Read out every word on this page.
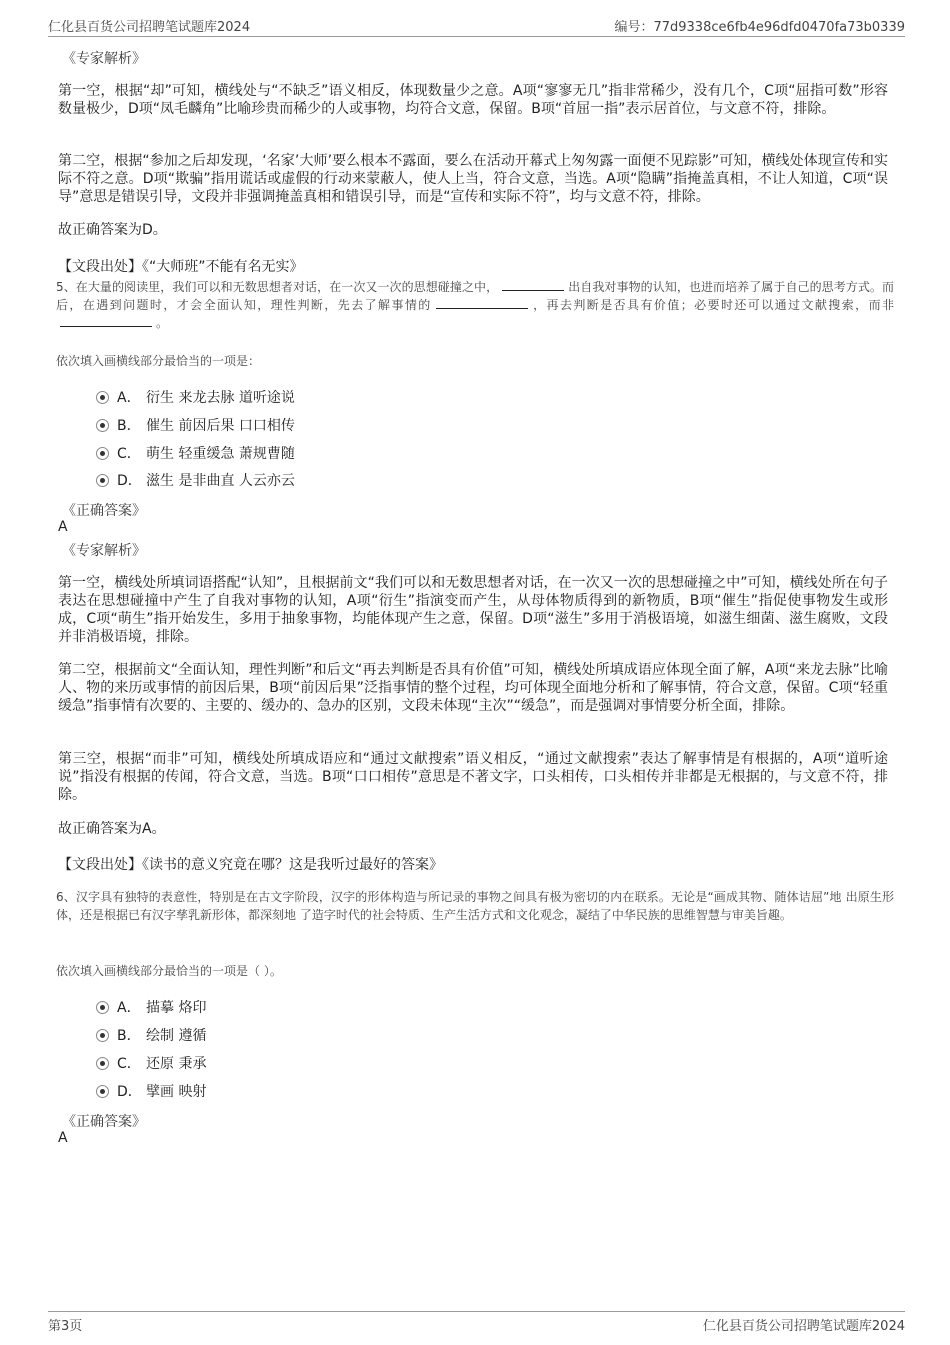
仁化县百货公司招聘笔试题库2024	编号：77d9338ce6fb4e96dfd0470fa73b0339
《专家解析》
第一空，根据“却”可知，横线处与“不缺乏”语义相反，体现数量少之意。A项“寥寥无几”指非常稀少，没有几个，C项“屈指可数”形容数量极少，D项“凤毛麟角”比喻珍贵而稀少的人或事物，均符合文意，保留。B项“首屈一指”表示居首位，与文意不符，排除。
第二空，根据“参加之后却发现，‘名家’大师’要么根本不露面，要么在活动开幕式上匆匆露一面便不见踪影”可知，横线处体现宣传和实际不符之意。D项“欺骗”指用谎话或虚假的行动来蒙蔽人，使人上当，符合文意，当选。A项“隐瞒”指掩盖真相，不让人知道，C项“误导”意思是错误引导，文段并非强调掩盖真相和错误引导，而是“宣传和实际不符”，均与文意不符，排除。
故正确答案为D。
【文段出处】《“大师班”不能有名无实》
5、在大量的阅读里，我们可以和无数思想者对话，在一次又一次的思想碰撞之中，	出自我对事物的认知，也进而培养了属于自己的思考方式。而后，在遇到问题时，才会全面认知，理性判断，先去了解事情的	，再去判断是否具有价值；必要时还可以通过文献搜索，而非。
依次填入画横线部分最恰当的一项是：
A． 衍生 来龙去脉 道听途说
B． 催生 前因后果 口口相传
C． 萌生 轻重缓急 萧规曹随
D． 滋生 是非曲直 人云亦云
《正确答案》
A
《专家解析》
第一空，横线处所填词语搭配“认知”，且根据前文“我们可以和无数思想者对话，在一次又一次的思想碰撞之中”可知，横线处所在句子表达在思想碰撞中产生了自我对事物的认知，A项“衍生”指演变而产生，从母体物质得到的新物质，B项“催生”指促使事物发生或形成，C项“萌生”指开始发生，多用于抽象事物，均能体现产生之意，保留。D项“滋生”多用于消极语境，如滋生细菌、滋生腐败，文段并非消极语境，排除。
第二空，根据前文“全面认知，理性判断”和后文“再去判断是否具有价值”可知，横线处所填成语应体现全面了解，A项“来龙去脉”比喻人、物的来历或事情的前因后果，B项“前因后果”泛指事情的整个过程，均可体现全面地分析和了解事情，符合文意，保留。C项“轻重缓急”指事情有次要的、主要的、缓办的、急办的区别，文段未体现“主次”“缓急”，而是强调对事情要分析全面，排除。
第三空，根据“而非”可知，横线处所填成语应和“通过文献搜索”语义相反，“通过文献搜索”表达了解事情是有根据的，A项“道听途说”指没有根据的传闻，符合文意，当选。B项“口口相传”意思是不著文字，口头相传，口头相传并非都是无根据的，与文意不符，排除。
故正确答案为A。
【文段出处】《读书的意义究竟在哪？这是我听过最好的答案》
6、汉字具有独特的表意性，特别是在古文字阶段，汉字的形体构造与所记录的事物之间具有极为密切的内在联系。无论是“画成其物、随体诘屈”地 出原生形体，还是根据已有汉字孳乳新形体，都深刻地 了造字时代的社会特质、生产生活方式和文化观念，凝结了中华民族的思维智慧与审美旨趣。
依次填入画横线部分最恰当的一项是（ ）。
A． 描摹 烙印
B． 绘制 遵循
C． 还原 秉承
D． 擘画 映射
《正确答案》
A
第3页	仁化县百货公司招聘笔试题库2024
